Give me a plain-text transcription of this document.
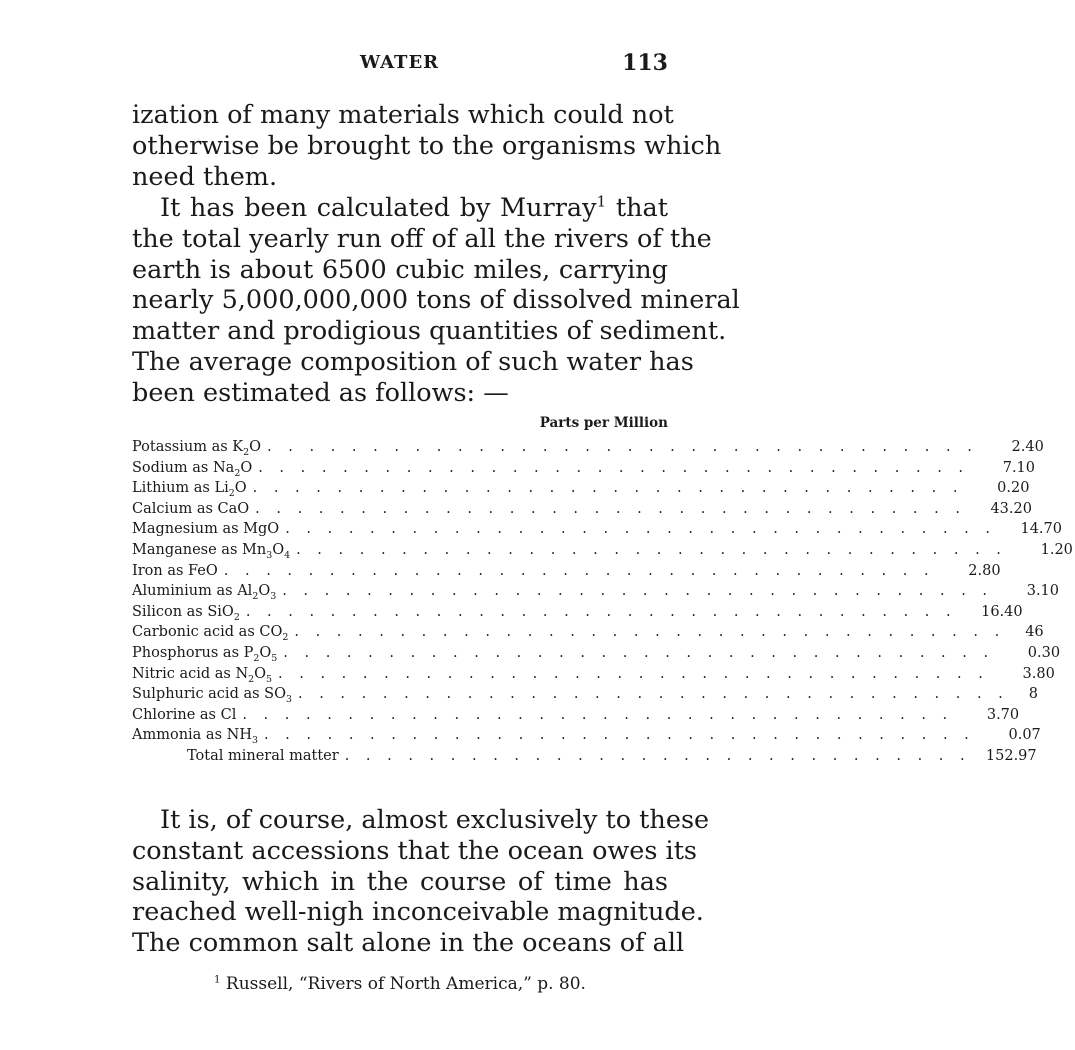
WATER	113
ization of many materials which could not
otherwise be brought to the organisms which
need them.
It has been calculated by Murray$^1$ that
the total yearly run off of all the rivers of the
earth is about 6500 cubic miles, carrying
nearly 5,000,000,000 tons of dissolved mineral
matter and prodigious quantities of sediment.
The average composition of such water has
been estimated as follows: —
Parts per Million
Potassium as $K_2O$ . . . . . . . . . . . . . . . . . . . . . . . . . . . . . . . . . .	2.40
Sodium as $Na_2O$ . . . . . . . . . . . . . . . . . . . . . . . . . . . . . . . . . .	7.10
Lithium as $Li_2O$ . . . . . . . . . . . . . . . . . . . . . . . . . . . . . . . . . .	0.20
Calcium as CaO . . . . . . . . . . . . . . . . . . . . . . . . . . . . . . . . . .	43.20
Magnesium as MgO . . . . . . . . . . . . . . . . . . . . . . . . . . . . . . . . . .	14.70
Manganese as $Mn_3O_4$ . . . . . . . . . . . . . . . . . . . . . . . . . . . . . . . . . .	1.20
Iron as FeO . . . . . . . . . . . . . . . . . . . . . . . . . . . . . . . . . .	2.80
Aluminium as $Al_2O_3$ . . . . . . . . . . . . . . . . . . . . . . . . . . . . . . . . . .	3.10
Silicon as SiO$_2$ . . . . . . . . . . . . . . . . . . . . . . . . . . . . . . . . . .	16.40
Carbonic acid as $CO_2$ . . . . . . . . . . . . . . . . . . . . . . . . . . . . . . . . . .	46
Phosphorus as $P_2O_5$ . . . . . . . . . . . . . . . . . . . . . . . . . . . . . . . . . .	0.30
Nitric acid as $N_2O_5$ . . . . . . . . . . . . . . . . . . . . . . . . . . . . . . . . . .	3.80
Sulphuric acid as $SO_3$ . . . . . . . . . . . . . . . . . . . . . . . . . . . . . . . . . .	8
Chlorine as Cl . . . . . . . . . . . . . . . . . . . . . . . . . . . . . . . . . .	3.70
Ammonia as $NH_3$ . . . . . . . . . . . . . . . . . . . . . . . . . . . . . . . . . .	0.07
Total mineral matter . . . . . . . . . . . . . . . . . . . . . . . . . . . . . .	152.97
It is, of course, almost exclusively to these
constant accessions that the ocean owes its
salinity, which in the course of time has
reached well-nigh inconceivable magnitude.
The common salt alone in the oceans of all
$^1$ Russell, “Rivers of North America,” p. 80.
